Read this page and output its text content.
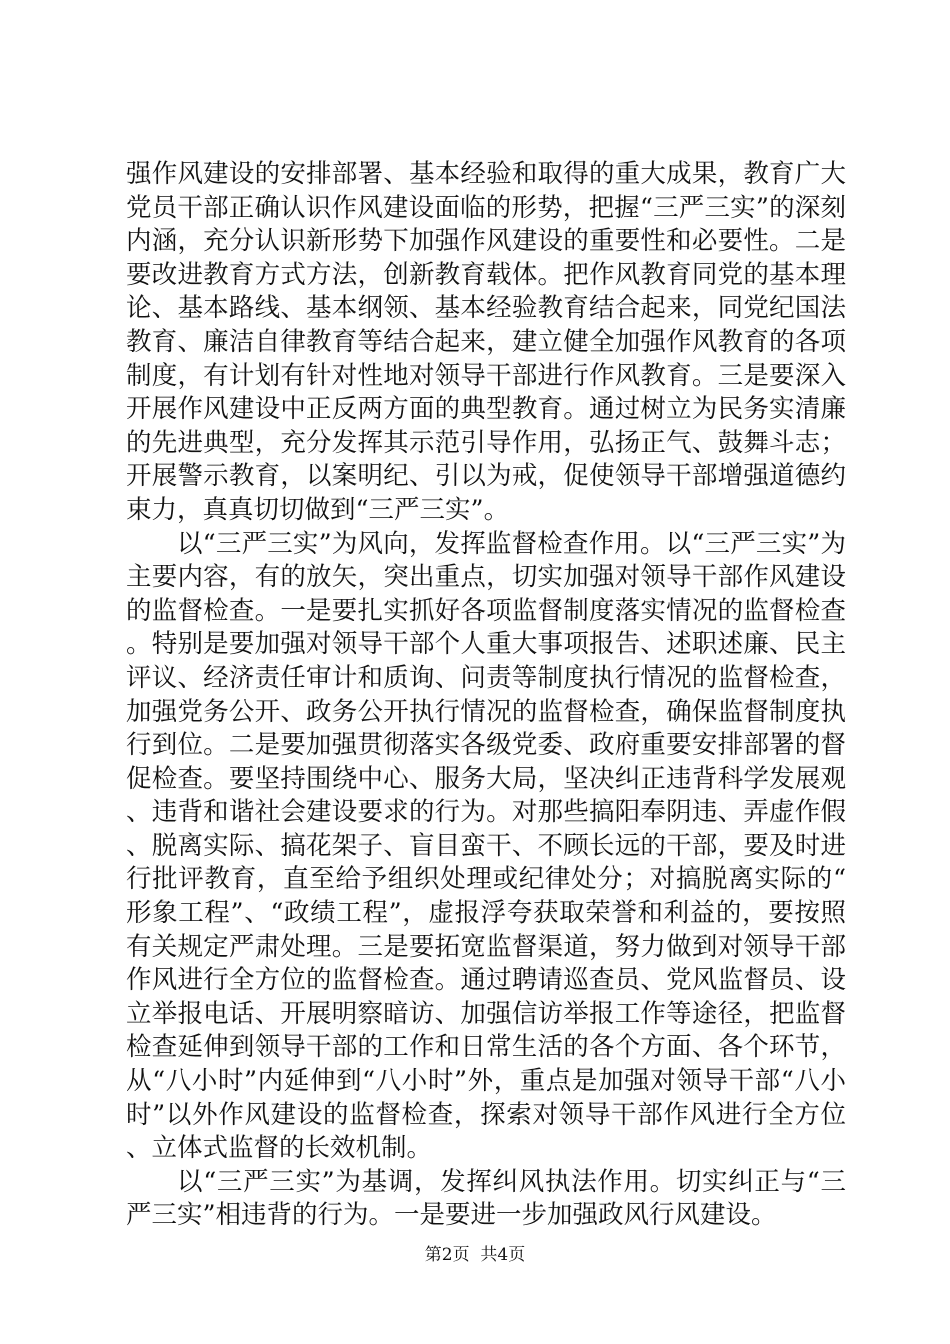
强作风建设的安排部署、基本经验和取得的重大成果，教育广大党员干部正确认识作风建设面临的形势，把握“三严三实”的深刻内涵，充分认识新形势下加强作风建设的重要性和必要性。二是要改进教育方式方法，创新教育载体。把作风教育同党的基本理论、基本路线、基本纲领、基本经验教育结合起来，同党纪国法教育、廉洁自律教育等结合起来，建立健全加强作风教育的各项制度，有计划有针对性地对领导干部进行作风教育。三是要深入开展作风建设中正反两方面的典型教育。通过树立为民务实清廉的先进典型，充分发挥其示范引导作用，弘扬正气、鼓舞斗志；开展警示教育，以案明纪、引以为戒，促使领导干部增强道德约束力，真真切切做到“三严三实”。

以“三严三实”为风向，发挥监督检查作用。以“三严三实”为主要内容，有的放矢，突出重点，切实加强对领导干部作风建设的监督检查。一是要扎实抓好各项监督制度落实情况的监督检查。特别是要加强对领导干部个人重大事项报告、述职述廉、民主评议、经济责任审计和质询、问责等制度执行情况的监督检查，加强党务公开、政务公开执行情况的监督检查，确保监督制度执行到位。二是要加强贯彻落实各级党委、政府重要安排部署的督促检查。要坚持围绕中心、服务大局，坚决纠正违背科学发展观、违背和谐社会建设要求的行为。对那些搞阳奉阴违、弄虚作假、脱离实际、搞花架子、盲目蛮干、不顾长远的干部，要及时进行批评教育，直至给予组织处理或纪律处分；对搞脱离实际的“形象工程”、“政绩工程”，虚报浮夸获取荣誉和利益的，要按照有关规定严肃处理。三是要拓宽监督渠道，努力做到对领导干部作风进行全方位的监督检查。通过聘请巡查员、党风监督员、设立举报电话、开展明察暗访、加强信访举报工作等途径，把监督检查延伸到领导干部的工作和日常生活的各个方面、各个环节，从“八小时”内延伸到“八小时”外，重点是加强对领导干部“八小时”以外作风建设的监督检查，探索对领导干部作风进行全方位、立体式监督的长效机制。

以“三严三实”为基调，发挥纠风执法作用。切实纠正与“三严三实”相违背的行为。一是要进一步加强政风行风建设。

第2页  共4页
